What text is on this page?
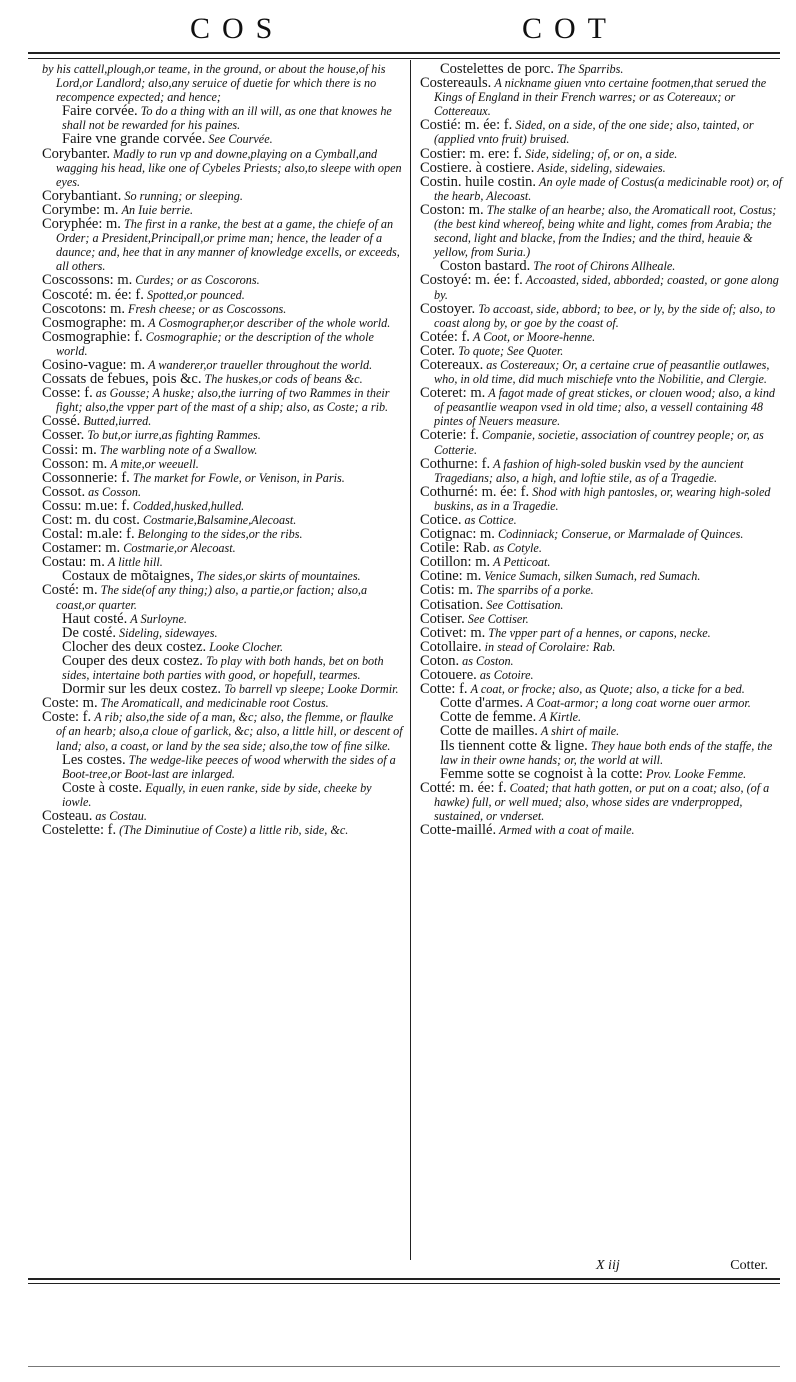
COS	COT

by his cattell,plough,or teame, in the ground, or about the house,of his Lord,or Landlord; also,any seruice of duetie for which there is no recompence expected; and hence;

Faire corvée. To do a thing with an ill will, as one that knowes he shall not be rewarded for his paines.

Faire vne grande corvée. See Courvée.

Corybanter. Madly to run vp and downe,playing on a Cymball,and wagging his head, like one of Cybeles Priests; also,to sleepe with open eyes.

Corybantiant. So running; or sleeping.

Corymbe: m. An Iuie berrie.

Coryphée: m. The first in a ranke, the best at a game, the chiefe of an Order; a President,Principall,or prime man; hence, the leader of a daunce; and, hee that in any manner of knowledge excells, or exceeds, all others.

Coscossons: m. Curdes; or as Coscorons.

Coscoté: m. ée: f. Spotted,or pounced.

Coscotons: m. Fresh cheese; or as Coscossons.

Cosmographe: m. A Cosmographer,or describer of the whole world.

Cosmographie: f. Cosmographie; or the description of the whole world.

Cosino-vague: m. A wanderer,or traueller throughout the world.

Cossats de febues, pois &c. The huskes,or cods of beans &c.

Cosse: f. as Gousse; A huske; also,the iurring of two Rammes in their fight; also,the vpper part of the mast of a ship; also, as Coste; a rib.

Cossé. Butted,iurred.

Cosser. To but,or iurre,as fighting Rammes.

Cossi: m. The warbling note of a Swallow.

Cosson: m. A mite,or weeuell.

Cossonnerie: f. The market for Fowle, or Venison, in Paris.

Cossot. as Cosson.

Cossu: m.ue: f. Codded,husked,hulled.

Cost: m. du cost. Costmarie,Balsamine,Alecoast.

Costal: m.ale: f. Belonging to the sides,or the ribs.

Costamer: m. Costmarie,or Alecoast.

Costau: m. A little hill.

Costaux de mõtaignes, The sides,or skirts of mountaines.

Costé: m. The side(of any thing;) also, a partie,or faction; also,a coast,or quarter.

Haut costé. A Surloyne.

De costé. Sideling, sidewayes.

Clocher des deux costez. Looke Clocher.

Couper des deux costez. To play with both hands, bet on both sides, intertaine both parties with good, or hopefull, tearmes.

Dormir sur les deux costez. To barrell vp sleepe; Looke Dormir.

Coste: m. The Aromaticall, and medicinable root Costus.

Coste: f. A rib; also,the side of a man, &c; also, the flemme, or flaulke of an hearb; also,a cloue of garlick, &c; also, a little hill, or descent of land; also, a coast, or land by the sea side; also,the tow of fine silke.

Les costes. The wedge-like peeces of wood wherwith the sides of a Boot-tree,or Boot-last are inlarged.

Coste à coste. Equally, in euen ranke, side by side, cheeke by iowle.

Costeau. as Costau.

Costelette: f. (The Diminutiue of Coste) a little rib, side, &c.

Costelettes de porc. The Sparribs.

Costereauls. A nickname giuen vnto certaine footmen,that serued the Kings of England in their French warres; or as Cotereaux; or Cottereaux.

Costié: m. ée: f. Sided, on a side, of the one side; also, tainted, or (applied vnto fruit) bruised.

Costier: m. ere: f. Side, sideling; of, or on, a side.

Costiere. à costiere. Aside, sideling, sidewaies.

Costin. huile costin. An oyle made of Costus(a medicinable root) or, of the hearb, Alecoast.

Coston: m. The stalke of an hearbe; also, the Aromaticall root, Costus; (the best kind whereof, being white and light, comes from Arabia; the second, light and blacke, from the Indies; and the third, heauie & yellow, from Suria.)

Coston bastard. The root of Chirons Allheale.

Costoyé: m. ée: f. Accoasted, sided, abborded; coasted, or gone along by.

Costoyer. To accoast, side, abbord; to bee, or ly, by the side of; also, to coast along by, or goe by the coast of.

Cotée: f. A Coot, or Moore-henne.

Coter. To quote; See Quoter.

Cotereaux. as Costereaux; Or, a certaine crue of peasantlie outlawes, who, in old time, did much mischiefe vnto the Nobilitie, and Clergie.

Coteret: m. A fagot made of great stickes, or clouen wood; also, a kind of peasantlie weapon vsed in old time; also, a vessell containing 48 pintes of Neuers measure.

Coterie: f. Companie, societie, association of countrey people; or, as Cotterie.

Cothurne: f. A fashion of high-soled buskin vsed by the auncient Tragedians; also, a high, and loftie stile, as of a Tragedie.

Cothurné: m. ée: f. Shod with high pantosles, or, wearing high-soled buskins, as in a Tragedie.

Cotice. as Cottice.

Cotignac: m. Codinniack; Conserue, or Marmalade of Quinces.

Cotile: Rab. as Cotyle.

Cotillon: m. A Petticoat.

Cotine: m. Venice Sumach, silken Sumach, red Sumach.

Cotis: m. The sparribs of a porke.

Cotisation. See Cottisation.

Cotiser. See Cottiser.

Cotivet: m. The vpper part of a hennes, or capons, necke.

Cotollaire. in stead of Corolaire: Rab.

Coton. as Coston.

Cotouere. as Cotoire.

Cotte: f. A coat, or frocke; also, as Quote; also, a ticke for a bed.

Cotte d'armes. A Coat-armor; a long coat worne ouer armor.

Cotte de femme. A Kirtle.

Cotte de mailles. A shirt of maile.

Ils tiennent cotte & ligne. They haue both ends of the staffe, the law in their owne hands; or, the world at will.

Femme sotte se cognoist à la cotte: Prov. Looke Femme.

Cotté: m. ée: f. Coated; that hath gotten, or put on a coat; also, (of a hawke) full, or well mued; also, whose sides are vnderpropped, sustained, or vnderset.

Cotte-maillé. Armed with a coat of maile.

X iij	Cotter.
